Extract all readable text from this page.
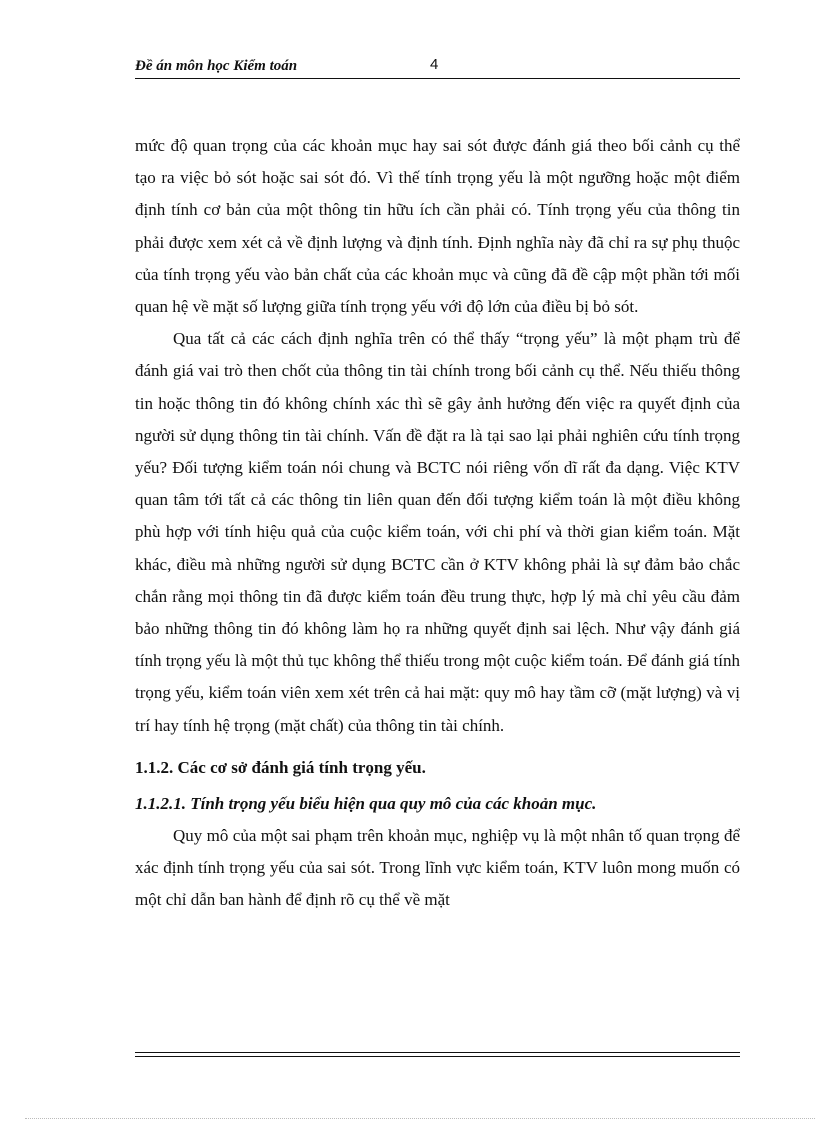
Đề án môn học Kiểm toán	4

mức độ quan trọng của các khoản mục hay sai sót được đánh giá theo bối cảnh cụ thể tạo ra việc bỏ sót hoặc sai sót đó. Vì thế tính trọng yếu là một ngưỡng hoặc một điểm định tính cơ bản của một thông tin hữu ích cần phải có. Tính trọng yếu của thông tin phải được xem xét cả về định lượng và định tính. Định nghĩa này đã chỉ ra sự phụ thuộc của tính trọng yếu vào bản chất của các khoản mục và cũng đã đề cập một phần tới mối quan hệ về mặt số lượng giữa tính trọng yếu với độ lớn của điều bị bỏ sót.

Qua tất cả các cách định nghĩa trên có thể thấy “trọng yếu” là một phạm trù để đánh giá vai trò then chốt của thông tin tài chính trong bối cảnh cụ thể. Nếu thiếu thông tin hoặc thông tin đó không chính xác thì sẽ gây ảnh hưởng đến việc ra quyết định của người sử dụng thông tin tài chính. Vấn đề đặt ra là tại sao lại phải nghiên cứu tính trọng yếu? Đối tượng kiểm toán nói chung và BCTC nói riêng vốn dĩ rất đa dạng. Việc KTV quan tâm tới tất cả các thông tin liên quan đến đối tượng kiểm toán là một điều không phù hợp với tính hiệu quả của cuộc kiểm toán, với chi phí và thời gian kiểm toán. Mặt khác, điều mà những người sử dụng BCTC cần ở KTV không phải là sự đảm bảo chắc chắn rằng mọi thông tin đã được kiểm toán đều trung thực, hợp lý mà chỉ yêu cầu đảm bảo những thông tin đó không làm họ ra những quyết định sai lệch. Như vậy đánh giá tính trọng yếu là một thủ tục không thể thiếu trong một cuộc kiểm toán. Để đánh giá tính trọng yếu, kiểm toán viên xem xét trên cả hai mặt: quy mô hay tầm cỡ (mặt lượng) và vị trí hay tính hệ trọng (mặt chất) của thông tin tài chính.

1.1.2. Các cơ sở đánh giá tính trọng yếu.
1.1.2.1. Tính trọng yếu biểu hiện qua quy mô của các khoản mục.

Quy mô của một sai phạm trên khoản mục, nghiệp vụ là một nhân tố quan trọng để xác định tính trọng yếu của sai sót. Trong lĩnh vực kiểm toán, KTV luôn mong muốn có một chỉ dẫn ban hành để định rõ cụ thể về mặt
